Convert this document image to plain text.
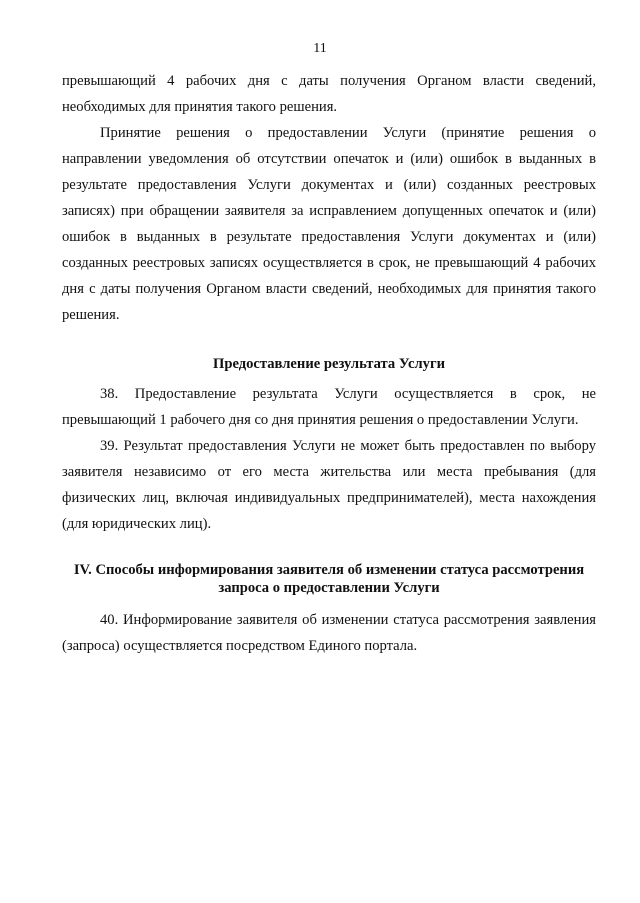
11

превышающий 4 рабочих дня с даты получения Органом власти сведений, необходимых для принятия такого решения.

Принятие решения о предоставлении Услуги (принятие решения о направлении уведомления об отсутствии опечаток и (или) ошибок в выданных в результате предоставления Услуги документах и (или) созданных реестровых записях) при обращении заявителя за исправлением допущенных опечаток и (или) ошибок в выданных в результате предоставления Услуги документах и (или) созданных реестровых записях осуществляется в срок, не превышающий 4 рабочих дня с даты получения Органом власти сведений, необходимых для принятия такого решения.

Предоставление результата Услуги

38. Предоставление результата Услуги осуществляется в срок, не превышающий 1 рабочего дня со дня принятия решения о предоставлении Услуги.

39. Результат предоставления Услуги не может быть предоставлен по выбору заявителя независимо от его места жительства или места пребывания (для физических лиц, включая индивидуальных предпринимателей), места нахождения (для юридических лиц).

IV. Способы информирования заявителя об изменении статуса рассмотрения
запроса о предоставлении Услуги

40. Информирование заявителя об изменении статуса рассмотрения заявления (запроса) осуществляется посредством Единого портала.
